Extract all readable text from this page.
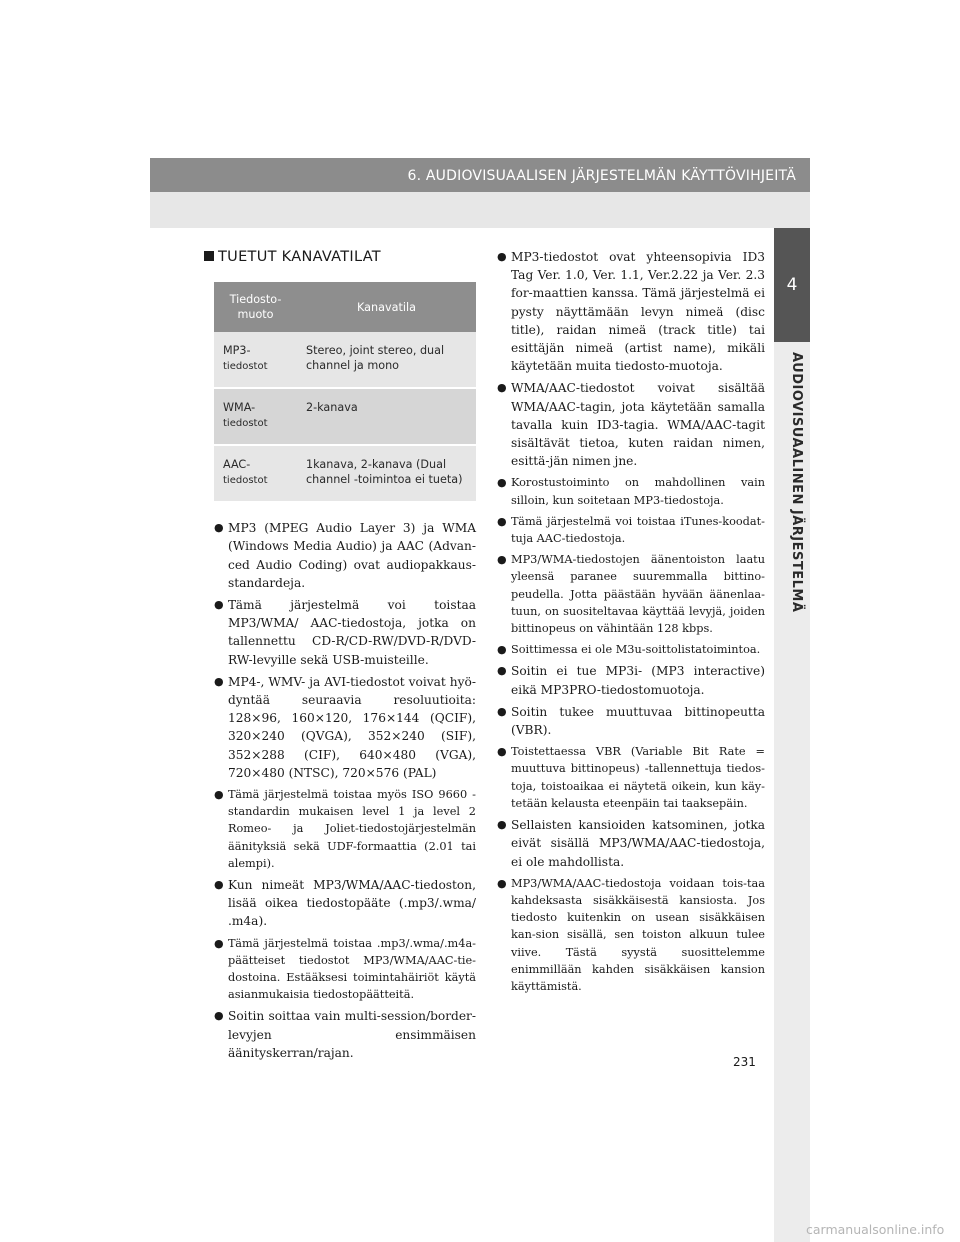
6. AUDIOVISUAALISEN JÄRJESTELMÄN KÄYTTÖVIHJEITÄ
4
AUDIOVISUAALINEN JÄRJESTELMÄ
TUETUT KANAVATILAT
Tiedosto-
muoto	Kanavatila
MP3-
tiedostot	Stereo, joint stereo, dual channel ja mono
WMA-
tiedostot	2-kanava
AAC-
tiedostot	1kanava, 2-kanava (Dual channel -toimintoa ei tueta)
● MP3 (MPEG Audio Layer 3) ja WMA (Windows Media Audio) ja AAC (Advan-ced Audio Coding) ovat audiopakkaus-standardeja.
● Tämä järjestelmä voi toistaa MP3/WMA/ AAC-tiedostoja, jotka on tallennettu CD-R/CD-RW/DVD-R/DVD-RW-levyille sekä USB-muisteille.
● MP4-, WMV- ja AVI-tiedostot voivat hyö-dyntää seuraavia resoluutioita: 128×96, 160×120, 176×144 (QCIF), 320×240 (QVGA), 352×240 (SIF), 352×288 (CIF), 640×480 (VGA), 720×480 (NTSC), 720×576 (PAL)
● Tämä järjestelmä toistaa myös ISO 9660 -standardin mukaisen level 1 ja level 2 Romeo- ja Joliet-tiedostojärjestelmän äänityksiä sekä UDF-formaattia (2.01 tai alempi).
● Kun nimeät MP3/WMA/AAC-tiedoston, lisää oikea tiedostopääte (.mp3/.wma/ .m4a).
● Tämä järjestelmä toistaa .mp3/.wma/.m4a-päätteiset tiedostot MP3/WMA/AAC-tie-dostoina. Estääksesi toimintahäiriöt käytä asianmukaisia tiedostopäätteitä.
● Soitin soittaa vain multi-session/border-levyjen ensimmäisen äänityskerran/rajan.
● MP3-tiedostot ovat yhteensopivia ID3 Tag Ver. 1.0, Ver. 1.1, Ver.2.22 ja Ver. 2.3 for-maattien kanssa. Tämä järjestelmä ei pysty näyttämään levyn nimeä (disc title), raidan nimeä (track title) tai esittäjän nimeä (artist name), mikäli käytetään muita tiedosto-muotoja.
● WMA/AAC-tiedostot voivat sisältää WMA/AAC-tagin, jota käytetään samalla tavalla kuin ID3-tagia. WMA/AAC-tagit sisältävät tietoa, kuten raidan nimen, esittä-jän nimen jne.
● Korostustoiminto on mahdollinen vain silloin, kun soitetaan MP3-tiedostoja.
● Tämä järjestelmä voi toistaa iTunes-koodat-tuja AAC-tiedostoja.
● MP3/WMA-tiedostojen äänentoiston laatu yleensä paranee suuremmalla bittino-peudella. Jotta päästään hyvään äänenlaa-tuun, on suositeltavaa käyttää levyjä, joiden bittinopeus on vähintään 128 kbps.
● Soittimessa ei ole M3u-soittolistatoimintoa.
● Soitin ei tue MP3i- (MP3 interactive) eikä MP3PRO-tiedostomuotoja.
● Soitin tukee muuttuvaa bittinopeutta (VBR).
● Toistettaessa VBR (Variable Bit Rate = muuttuva bittinopeus) -tallennettuja tiedos-toja, toistoaikaa ei näytetä oikein, kun käy-tetään kelausta eteenpäin tai taaksepäin.
● Sellaisten kansioiden katsominen, jotka eivät sisällä MP3/WMA/AAC-tiedostoja, ei ole mahdollista.
● MP3/WMA/AAC-tiedostoja voidaan tois-taa kahdeksasta sisäkkäisestä kansiosta. Jos tiedosto kuitenkin on usean sisäkkäisen kan-sion sisällä, sen toiston alkuun tulee viive. Tästä syystä suosittelemme enimmillään kahden sisäkkäisen kansion käyttämistä.
231
carmanualsonline.info
